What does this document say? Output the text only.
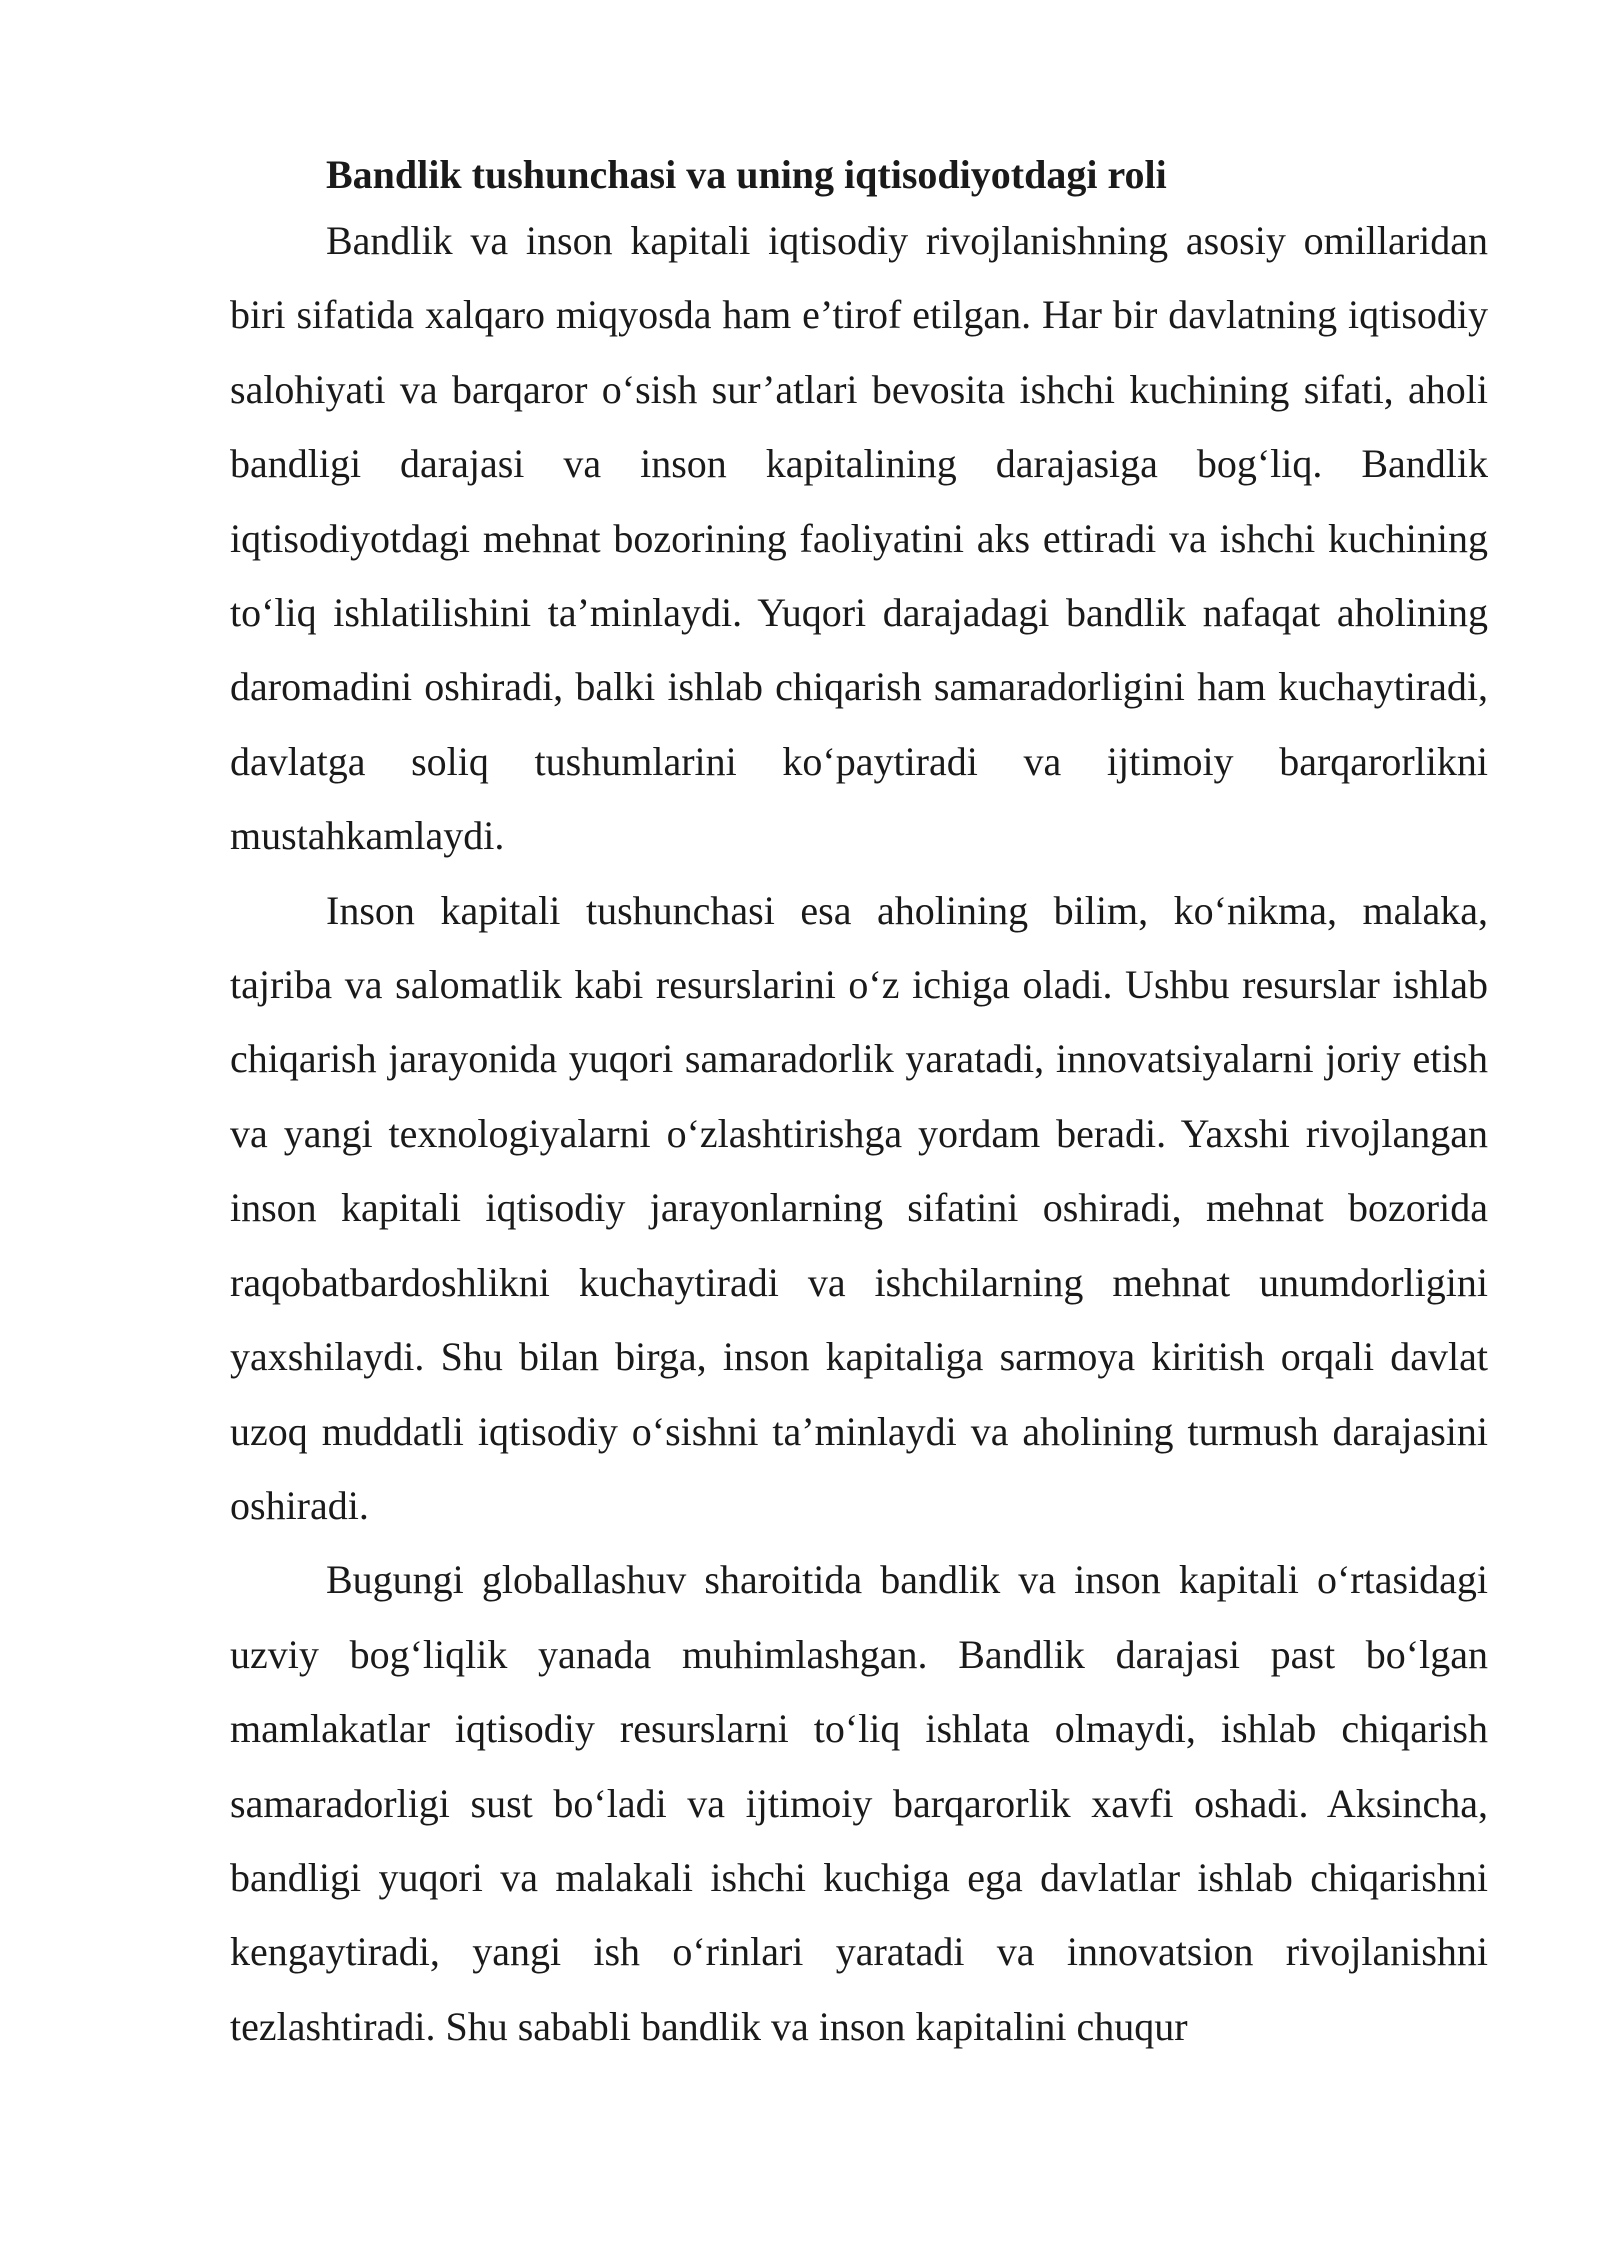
Bandlik tushunchasi va uning iqtisodiyotdagi roli

Bandlik va inson kapitali iqtisodiy rivojlanishning asosiy omillaridan biri sifatida xalqaro miqyosda ham e’tirof etilgan. Har bir davlatning iqtisodiy salohiyati va barqaror o‘sish sur’atlari bevosita ishchi kuchining sifati, aholi bandligi darajasi va inson kapitalining darajasiga bog‘liq. Bandlik iqtisodiyotdagi mehnat bozorining faoliyatini aks ettiradi va ishchi kuchining to‘liq ishlatilishini ta’minlaydi. Yuqori darajadagi bandlik nafaqat aholining daromadini oshiradi, balki ishlab chiqarish samaradorligini ham kuchaytiradi, davlatga soliq tushumlarini ko‘paytiradi va ijtimoiy barqarorlikni mustahkamlaydi.

Inson kapitali tushunchasi esa aholining bilim, ko‘nikma, malaka, tajriba va salomatlik kabi resurslarini o‘z ichiga oladi. Ushbu resurslar ishlab chiqarish jarayonida yuqori samaradorlik yaratadi, innovatsiyalarni joriy etish va yangi texnologiyalarni o‘zlashtirishga yordam beradi. Yaxshi rivojlangan inson kapitali iqtisodiy jarayonlarning sifatini oshiradi, mehnat bozorida raqobatbardoshlikni kuchaytiradi va ishchilarning mehnat unumdorligini yaxshilaydi. Shu bilan birga, inson kapitaliga sarmoya kiritish orqali davlat uzoq muddatli iqtisodiy o‘sishni ta’minlaydi va aholining turmush darajasini oshiradi.

Bugungi globallashuv sharoitida bandlik va inson kapitali o‘rtasidagi uzviy bog‘liqlik yanada muhimlashgan. Bandlik darajasi past bo‘lgan mamlakatlar iqtisodiy resurslarni to‘liq ishlata olmaydi, ishlab chiqarish samaradorligi sust bo‘ladi va ijtimoiy barqarorlik xavfi oshadi. Aksincha, bandligi yuqori va malakali ishchi kuchiga ega davlatlar ishlab chiqarishni kengaytiradi, yangi ish o‘rinlari yaratadi va innovatsion rivojlanishni tezlashtiradi. Shu sababli bandlik va inson kapitalini chuqur
